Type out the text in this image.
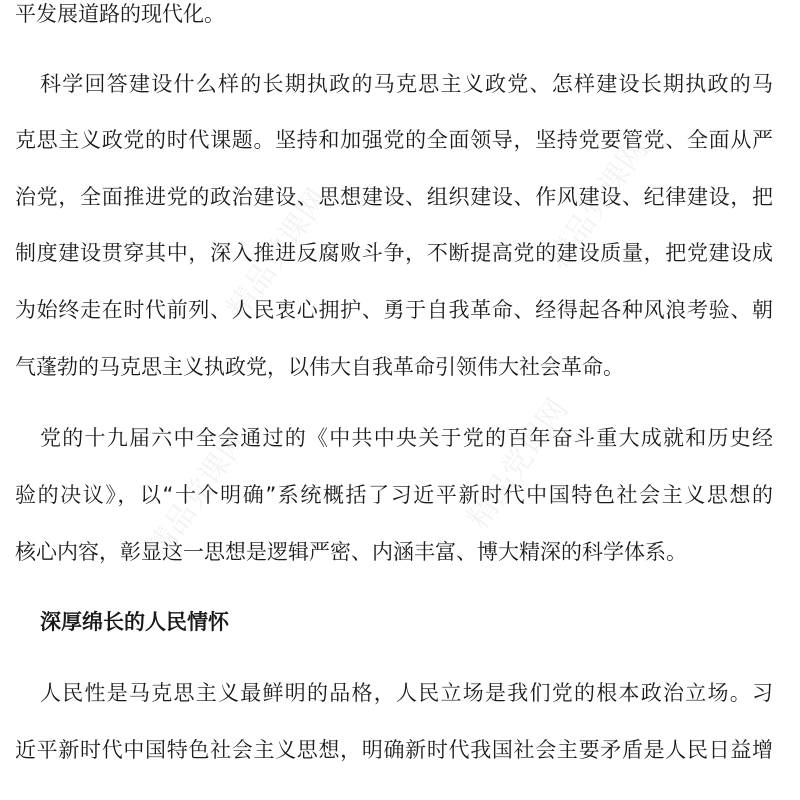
精品党课网	精品党课网
精品党课网	精品党课网
平发展道路的现代化。
科学回答建设什么样的长期执政的马克思主义政党、怎样建设长期执政的马
克思主义政党的时代课题。坚持和加强党的全面领导，坚持党要管党、全面从严
治党，全面推进党的政治建设、思想建设、组织建设、作风建设、纪律建设，把
制度建设贯穿其中，深入推进反腐败斗争，不断提高党的建设质量，把党建设成
为始终走在时代前列、人民衷心拥护、勇于自我革命、经得起各种风浪考验、朝
气蓬勃的马克思主义执政党，以伟大自我革命引领伟大社会革命。
党的十九届六中全会通过的《中共中央关于党的百年奋斗重大成就和历史经
验的决议》，以“十个明确”系统概括了习近平新时代中国特色社会主义思想的
核心内容，彰显这一思想是逻辑严密、内涵丰富、博大精深的科学体系。
深厚绵长的人民情怀
人民性是马克思主义最鲜明的品格，人民立场是我们党的根本政治立场。习
近平新时代中国特色社会主义思想，明确新时代我国社会主要矛盾是人民日益增
